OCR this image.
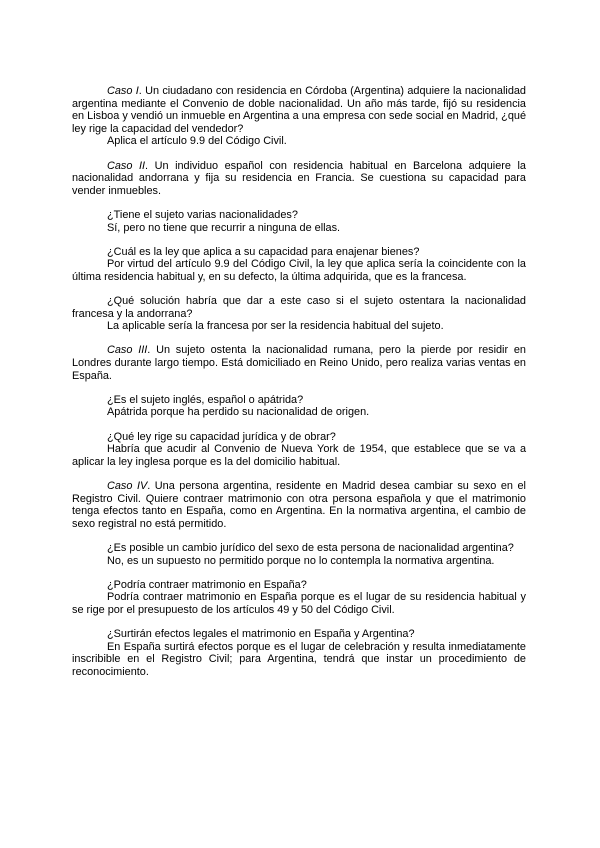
Caso I. Un ciudadano con residencia en Córdoba (Argentina) adquiere la nacionalidad argentina mediante el Convenio de doble nacionalidad. Un año más tarde, fijó su residencia en Lisboa y vendió un inmueble en Argentina a una empresa con sede social en Madrid, ¿qué ley rige la capacidad del vendedor?

Aplica el artículo 9.9 del Código Civil.

Caso II. Un individuo español con residencia habitual en Barcelona adquiere la nacionalidad andorrana y fija su residencia en Francia. Se cuestiona su capacidad para vender inmuebles.

¿Tiene el sujeto varias nacionalidades?

Sí, pero no tiene que recurrir a ninguna de ellas.

¿Cuál es la ley que aplica a su capacidad para enajenar bienes?

Por virtud del artículo 9.9 del Código Civil, la ley que aplica sería la coincidente con la última residencia habitual y, en su defecto, la última adquirida, que es la francesa.

¿Qué solución habría que dar a este caso si el sujeto ostentara la nacionalidad francesa y la andorrana?

La aplicable sería la francesa por ser la residencia habitual del sujeto.

Caso III. Un sujeto ostenta la nacionalidad rumana, pero la pierde por residir en Londres durante largo tiempo. Está domiciliado en Reino Unido, pero realiza varias ventas en España.

¿Es el sujeto inglés, español o apátrida?

Apátrida porque ha perdido su nacionalidad de origen.

¿Qué ley rige su capacidad jurídica y de obrar?

Habría que acudir al Convenio de Nueva York de 1954, que establece que se va a aplicar la ley inglesa porque es la del domicilio habitual.

Caso IV. Una persona argentina, residente en Madrid desea cambiar su sexo en el Registro Civil. Quiere contraer matrimonio con otra persona española y que el matrimonio tenga efectos tanto en España, como en Argentina. En la normativa argentina, el cambio de sexo registral no está permitido.

¿Es posible un cambio jurídico del sexo de esta persona de nacionalidad argentina?

No, es un supuesto no permitido porque no lo contempla la normativa argentina.

¿Podría contraer matrimonio en España?

Podría contraer matrimonio en España porque es el lugar de su residencia habitual y se rige por el presupuesto de los artículos 49 y 50 del Código Civil.

¿Surtirán efectos legales el matrimonio en España y Argentina?

En España surtirá efectos porque es el lugar de celebración y resulta inmediatamente inscribible en el Registro Civil; para Argentina, tendrá que instar un procedimiento de reconocimiento.
